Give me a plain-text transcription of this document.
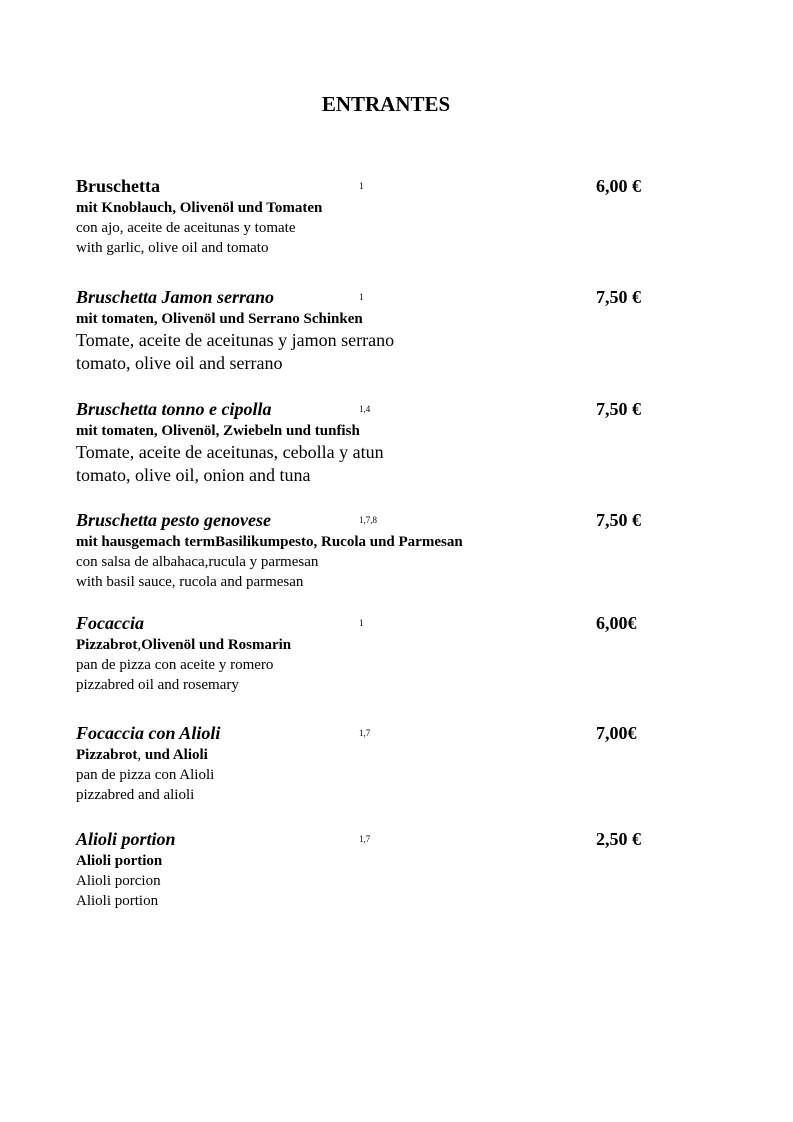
ENTRANTES
Bruschetta	1	6,00 €
mit Knoblauch, Olivenöl und Tomaten
con ajo, aceite de aceitunas y tomate
with garlic, olive oil and tomato
Bruschetta Jamon serrano	1	7,50 €
mit tomaten, Olivenöl und Serrano Schinken
Tomate, aceite de aceitunas y jamon serrano
tomato, olive oil and serrano
Bruschetta tonno e cipolla	1,4	7,50 €
mit tomaten, Olivenöl, Zwiebeln und tunfish
Tomate, aceite de aceitunas, cebolla y atun
tomato, olive oil, onion and tuna
Bruschetta pesto genovese	1,7,8	7,50 €
mit hausgemach termBasilikumpesto, Rucola und Parmesan
con salsa de albahaca,rucula y parmesan
with basil sauce, rucola and parmesan
Focaccia	1	6,00€
Pizzabrot,Olivenöl und Rosmarin
pan de pizza con aceite y romero
pizzabred oil and rosemary
Focaccia con Alioli	1,7	7,00€
Pizzabrot, und Alioli
pan de pizza con Alioli
pizzabred and alioli
Alioli portion	1,7	2,50 €
Alioli portion
Alioli porcion
Alioli portion
